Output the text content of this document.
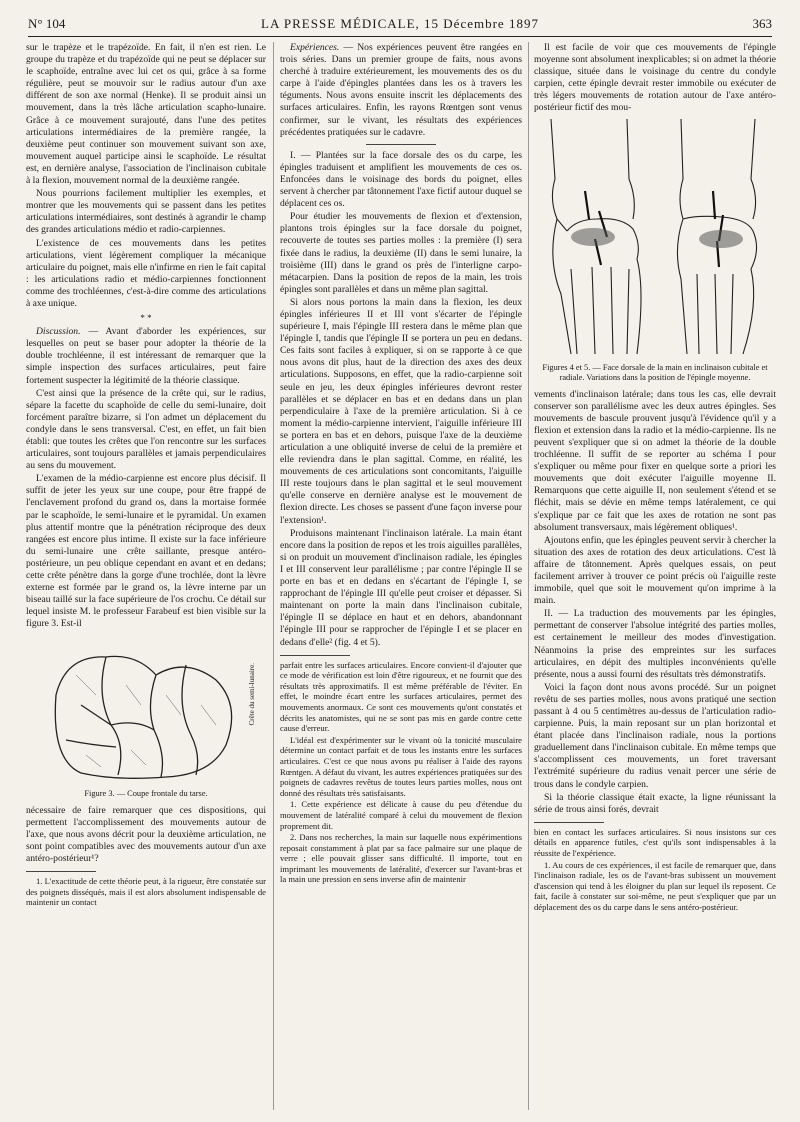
N° 104	LA PRESSE MÉDICALE, 15 Décembre 1897	363

sur le trapèze et le trapézoïde. En fait, il n'en est rien. Le groupe du trapèze et du trapézoïde qui ne peut se déplacer sur le scaphoïde, entraîne avec lui cet os qui, grâce à sa forme régulière, peut se mouvoir sur le radius autour d'un axe différent de son axe normal (Henke). Il se produit ainsi un mouvement, dans la très lâche articulation scapho-lunaire. Grâce à ce mouvement surajouté, dans l'une des petites articulations intermédiaires de la première rangée, la deuxième peut continuer son mouvement suivant son axe, mouvement auquel participe ainsi le scaphoïde. Le résultat est, en dernière analyse, l'association de l'inclinaison cubitale à la flexion, mouvement normal de la deuxième rangée.

Nous pourrions facilement multiplier les exemples, et montrer que les mouvements qui se passent dans les petites articulations intermédiaires, sont destinés à agrandir le champ des grandes articulations médio et radio-carpiennes.

L'existence de ces mouvements dans les petites articulations, vient légèrement compliquer la mécanique articulaire du poignet, mais elle n'infirme en rien le fait capital : les articulations radio et médio-carpiennes fonctionnent comme des trochléennes, c'est-à-dire comme des articulations à axe unique.

* *

Discussion. — Avant d'aborder les expériences, sur lesquelles on peut se baser pour adopter la théorie de la double trochléenne, il est intéressant de remarquer que la simple inspection des surfaces articulaires, peut faire fortement suspecter la légitimité de la théorie classique.

C'est ainsi que la présence de la crête qui, sur le radius, sépare la facette du scaphoïde de celle du semi-lunaire, doit forcément paraître bizarre, si l'on admet un déplacement du condyle dans le sens transversal. C'est, en effet, un fait bien établi: que toutes les crêtes que l'on rencontre sur les surfaces articulaires, sont toujours parallèles et jamais perpendiculaires au sens du mouvement.

L'examen de la médio-carpienne est encore plus décisif. Il suffit de jeter les yeux sur une coupe, pour être frappé de l'enclavement profond du grand os, dans la mortaise formée par le scaphoïde, le semi-lunaire et le pyramidal. Un examen plus attentif montre que la pénétration réciproque des deux rangées est encore plus intime. Il existe sur la face inférieure du semi-lunaire une crête saillante, presque antéro-postérieure, un peu oblique cependant en avant et en dedans; cette crête pénètre dans la gorge d'une trochlée, dont la lèvre externe est formée par le grand os, la lèvre interne par un biseau taillé sur la face supérieure de l'os crochu. Ce détail sur lequel insiste M. le professeur Farabeuf est bien visible sur la figure 3. Est-il

Crête du semi-lunaire.
Figure 3. — Coupe frontale du tarse.

nécessaire de faire remarquer que ces dispositions, qui permettent l'accomplissement des mouvements autour de l'axe, que nous avons décrit pour la deuxième articulation, ne sont point compatibles avec des mouvements autour d'un axe antéro-postérieur¹?

1. L'exactitude de cette théorie peut, à la rigueur, être constatée sur des poignets disséqués, mais il est alors absolument indispensable de maintenir un contact

Expériences. — Nos expériences peuvent être rangées en trois séries. Dans un premier groupe de faits, nous avons cherché à traduire extérieurement, les mouvements des os du carpe à l'aide d'épingles plantées dans les os à travers les téguments. Nous avons ensuite inscrit les déplacements des surfaces articulaires. Enfin, les rayons Rœntgen sont venus confirmer, sur le vivant, les résultats des expériences précédentes pratiquées sur le cadavre.

I. — Plantées sur la face dorsale des os du carpe, les épingles traduisent et amplifient les mouvements de ces os. Enfoncées dans le voisinage des bords du poignet, elles servent à chercher par tâtonnement l'axe fictif autour duquel se déplacent ces os.

Pour étudier les mouvements de flexion et d'extension, plantons trois épingles sur la face dorsale du poignet, recouverte de toutes ses parties molles : la première (I) sera fixée dans le radius, la deuxième (II) dans le semi lunaire, la troisième (III) dans le grand os près de l'interligne carpo-métacarpien. Dans la position de repos de la main, les trois épingles sont parallèles et dans un même plan sagittal.

Si alors nous portons la main dans la flexion, les deux épingles inférieures II et III vont s'écarter de l'épingle supérieure I, mais l'épingle III restera dans le même plan que l'épingle I, tandis que l'épingle II se portera un peu en dedans. Ces faits sont faciles à expliquer, si on se rapporte à ce que nous avons dit plus, haut de la direction des axes des deux articulations. Supposons, en effet, que la radio-carpienne soit seule en jeu, les deux épingles inférieures devront rester parallèles et se déplacer en bas et en dedans dans un plan perpendiculaire à l'axe de la première articulation. Si à ce moment la médio-carpienne intervient, l'aiguille inférieure III se portera en bas et en dehors, puisque l'axe de la deuxième articulation a une obliquité inverse de celui de la première et elle reviendra dans le plan sagittal. Comme, en réalité, les mouvements de ces articulations sont concomitants, l'aiguille III reste toujours dans le plan sagittal et le seul mouvement qu'elle conserve en dernière analyse est le mouvement de flexion directe. Les choses se passent d'une façon inverse pour l'extension¹.

Produisons maintenant l'inclinaison latérale. La main étant encore dans la position de repos et les trois aiguilles parallèles, si on produit un mouvement d'inclinaison radiale, les épingles I et III conservent leur parallélisme ; par contre l'épingle II se porte en bas et en dedans en s'écartant de l'épingle I, se rapprochant de l'épingle III qu'elle peut croiser et dépasser. Si maintenant on porte la main dans l'inclinaison cubitale, l'épingle II se déplace en haut et en dehors, abandonnant l'épingle III pour se rapprocher de l'épingle I et se placer en dedans d'elle² (fig. 4 et 5).

parfait entre les surfaces articulaires. Encore convient-il d'ajouter que ce mode de vérification est loin d'être rigoureux, et ne fournit que des résultats très approximatifs. Il est même préférable de l'éviter. En effet, le moindre écart entre les surfaces articulaires, permet des mouvements anormaux. Ce sont ces mouvements qu'ont constatés et décrits les anatomistes, qui ne se sont pas mis en garde contre cette cause d'erreur.

L'idéal est d'expérimenter sur le vivant où la tonicité musculaire détermine un contact parfait et de tous les instants entre les surfaces articulaires. C'est ce que nous avons pu réaliser à l'aide des rayons Rœntgen. A défaut du vivant, les autres expériences pratiquées sur des poignets de cadavres revêtus de toutes leurs parties molles, nous ont donné des résultats très satisfaisants.

1. Cette expérience est délicate à cause du peu d'étendue du mouvement de latéralité comparé à celui du mouvement de flexion proprement dit.

2. Dans nos recherches, la main sur laquelle nous expérimentions reposait constamment à plat par sa face palmaire sur une plaque de verre ; elle pouvait glisser sans difficulté. Il importe, tout en imprimant les mouvements de latéralité, d'exercer sur l'avant-bras et la main une pression en sens inverse afin de maintenir

Il est facile de voir que ces mouvements de l'épingle moyenne sont absolument inexplicables; si on admet la théorie classique, située dans le voisinage du centre du condyle carpien, cette épingle devrait rester immobile ou exécuter de très légers mouvements de rotation autour de l'axe antéro-postérieur fictif des mou-

Figures 4 et 5. — Face dorsale de la main en inclinaison cubitale et radiale. Variations dans la position de l'épingle moyenne.

vements d'inclinaison latérale; dans tous les cas, elle devrait conserver son parallélisme avec les deux autres épingles. Ses mouvements de bascule prouvent jusqu'à l'évidence qu'il y a flexion et extension dans la radio et la médio-carpienne. Ils ne peuvent s'expliquer que si on admet la théorie de la double trochléenne. Il suffit de se reporter au schéma I pour s'expliquer ou même pour fixer en quelque sorte a priori les mouvements que doit exécuter l'aiguille moyenne II. Remarquons que cette aiguille II, non seulement s'étend et se fléchit, mais se dévie en même temps latéralement, ce qui s'explique par ce fait que les axes de rotation ne sont pas absolument transversaux, mais légèrement obliques¹.

Ajoutons enfin, que les épingles peuvent servir à chercher la situation des axes de rotation des deux articulations. C'est là affaire de tâtonnement. Après quelques essais, on peut facilement arriver à trouver ce point précis où l'aiguille reste immobile, quel que soit le mouvement qu'on imprime à la main.

II. — La traduction des mouvements par les épingles, permettant de conserver l'absolue intégrité des parties molles, est certainement le meilleur des modes d'investigation. Néanmoins la prise des empreintes sur les surfaces articulaires, en dépit des multiples inconvénients qu'elle présente, nous a aussi fourni des résultats très démonstratifs.

Voici la façon dont nous avons procédé. Sur un poignet revêtu de ses parties molles, nous avons pratiqué une section passant à 4 ou 5 centimètres au-dessus de l'articulation radio-carpienne. Puis, la main reposant sur un plan horizontal et étant placée dans l'inclinaison radiale, nous la portions graduellement dans l'inclinaison cubitale. En même temps que s'accomplissent ces mouvements, un foret traversant l'extrémité supérieure du radius venait percer une série de trous dans le condyle carpien.

Si la théorie classique était exacte, la ligne réunissant la série de trous ainsi forés, devrait

bien en contact les surfaces articulaires. Si nous insistons sur ces détails en apparence futiles, c'est qu'ils sont indispensables à la réussite de l'expérience.

1. Au cours de ces expériences, il est facile de remarquer que, dans l'inclinaison radiale, les os de l'avant-bras subissent un mouvement d'ascension qui tend à les éloigner du plan sur lequel ils reposent. Ce fait, facile à constater sur soi-même, ne peut s'expliquer que par un déplacement des os du carpe dans le sens antéro-postérieur.
